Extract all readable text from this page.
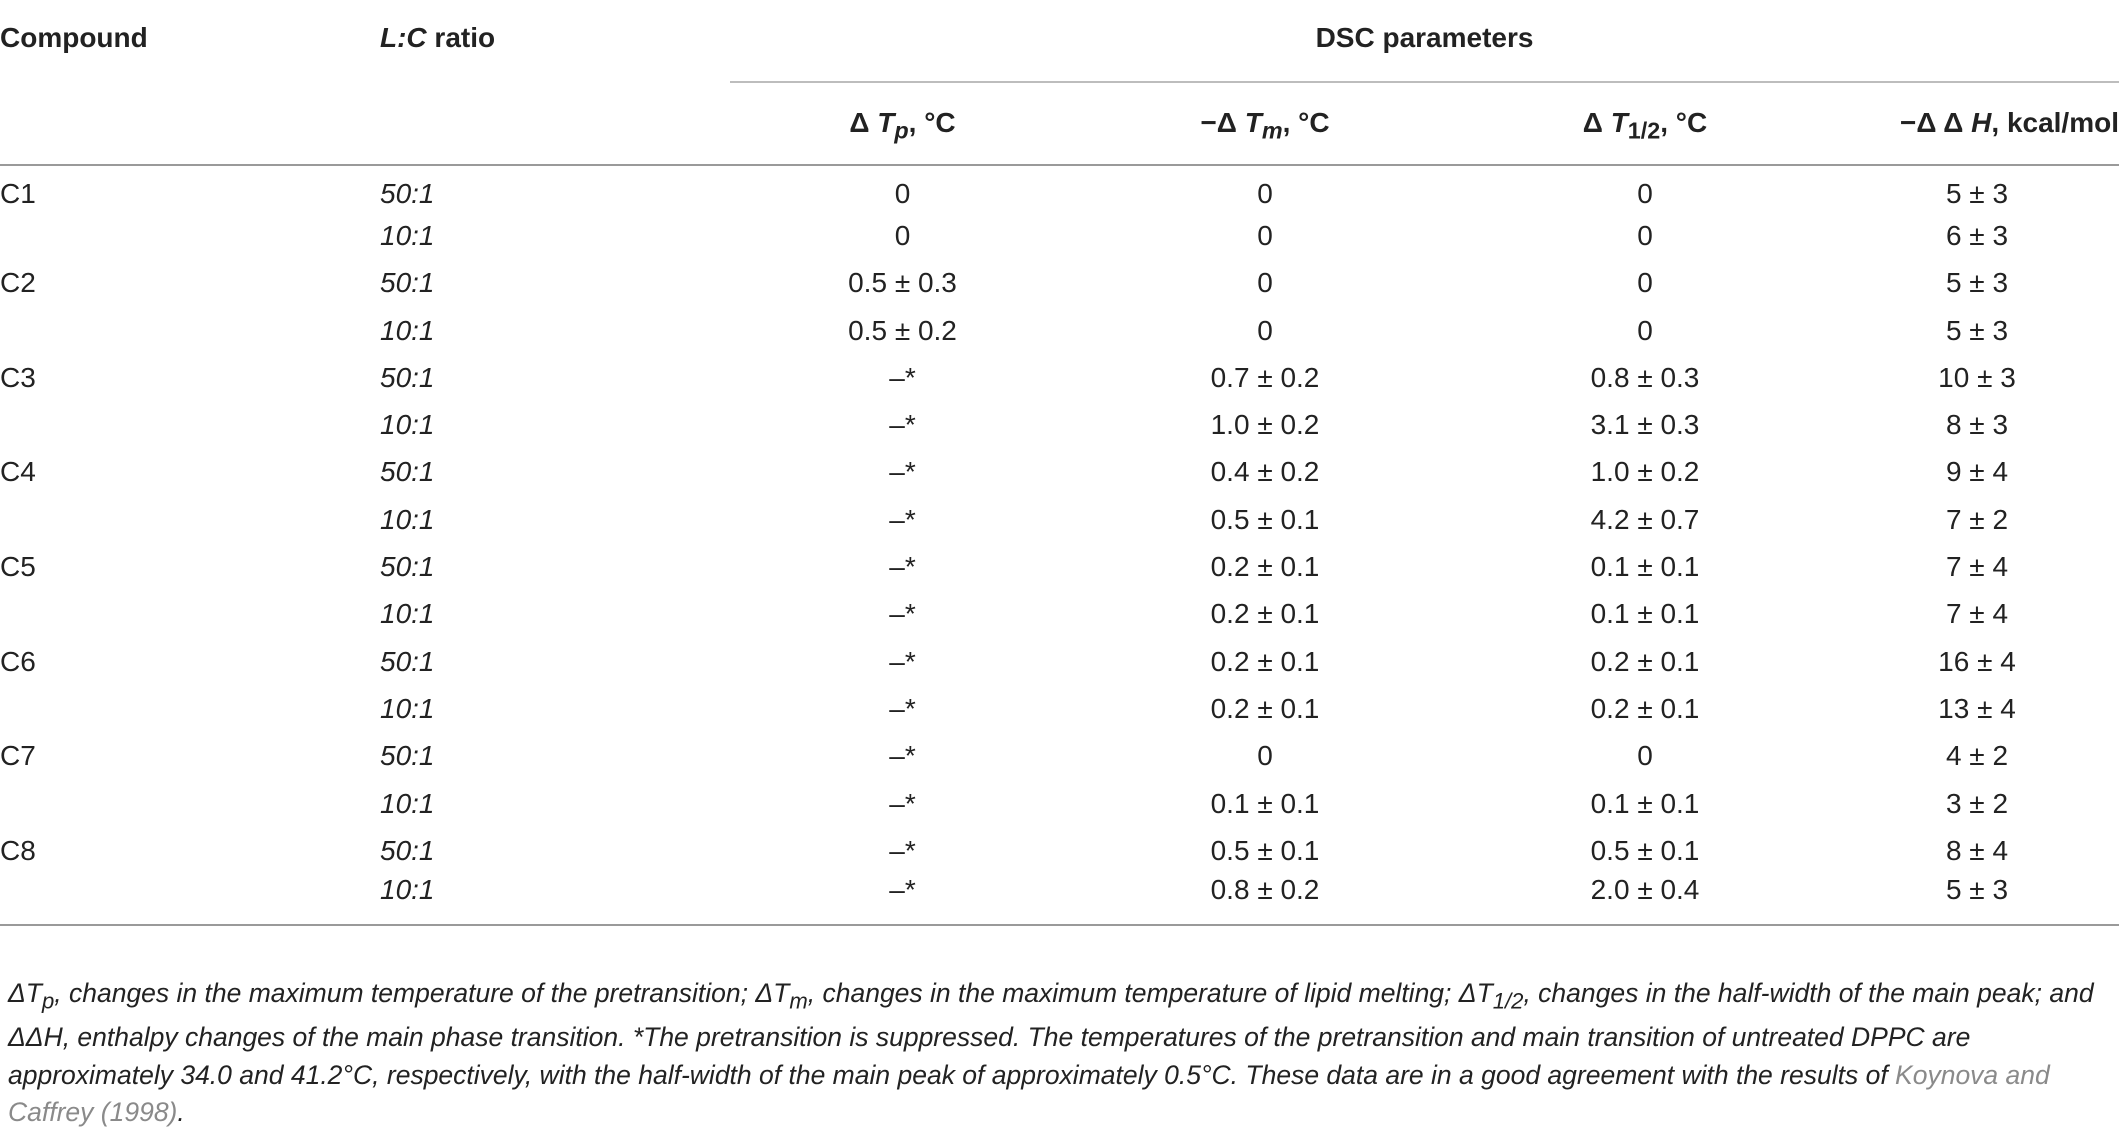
Compound	L:C ratio	DSC parameters			
		Δ $T_p$, °C	−Δ $T_m$, °C	Δ $T_{1/2}$, °C	−Δ Δ H, kcal/mol
C1	50:1	0	0	0	5 ± 3
	10:1	0	0	0	6 ± 3
C2	50:1	0.5 ± 0.3	0	0	5 ± 3
	10:1	0.5 ± 0.2	0	0	5 ± 3
C3	50:1	–*	0.7 ± 0.2	0.8 ± 0.3	10 ± 3
	10:1	–*	1.0 ± 0.2	3.1 ± 0.3	8 ± 3
C4	50:1	–*	0.4 ± 0.2	1.0 ± 0.2	9 ± 4
	10:1	–*	0.5 ± 0.1	4.2 ± 0.7	7 ± 2
C5	50:1	–*	0.2 ± 0.1	0.1 ± 0.1	7 ± 4
	10:1	–*	0.2 ± 0.1	0.1 ± 0.1	7 ± 4
C6	50:1	–*	0.2 ± 0.1	0.2 ± 0.1	16 ± 4
	10:1	–*	0.2 ± 0.1	0.2 ± 0.1	13 ± 4
C7	50:1	–*	0	0	4 ± 2
	10:1	–*	0.1 ± 0.1	0.1 ± 0.1	3 ± 2
C8	50:1	–*	0.5 ± 0.1	0.5 ± 0.1	8 ± 4
	10:1	–*	0.8 ± 0.2	2.0 ± 0.4	5 ± 3

$\Delta T_p$, changes in the maximum temperature of the pretransition; $\Delta T_m$, changes in the maximum temperature of lipid melting; $\Delta T_{1/2}$, changes in the half-width of the main peak; and ΔΔH, enthalpy changes of the main phase transition. *The pretransition is suppressed. The temperatures of the pretransition and main transition of untreated DPPC are approximately 34.0 and 41.2°C, respectively, with the half-width of the main peak of approximately 0.5°C. These data are in a good agreement with the results of Koynova and Caffrey (1998).
